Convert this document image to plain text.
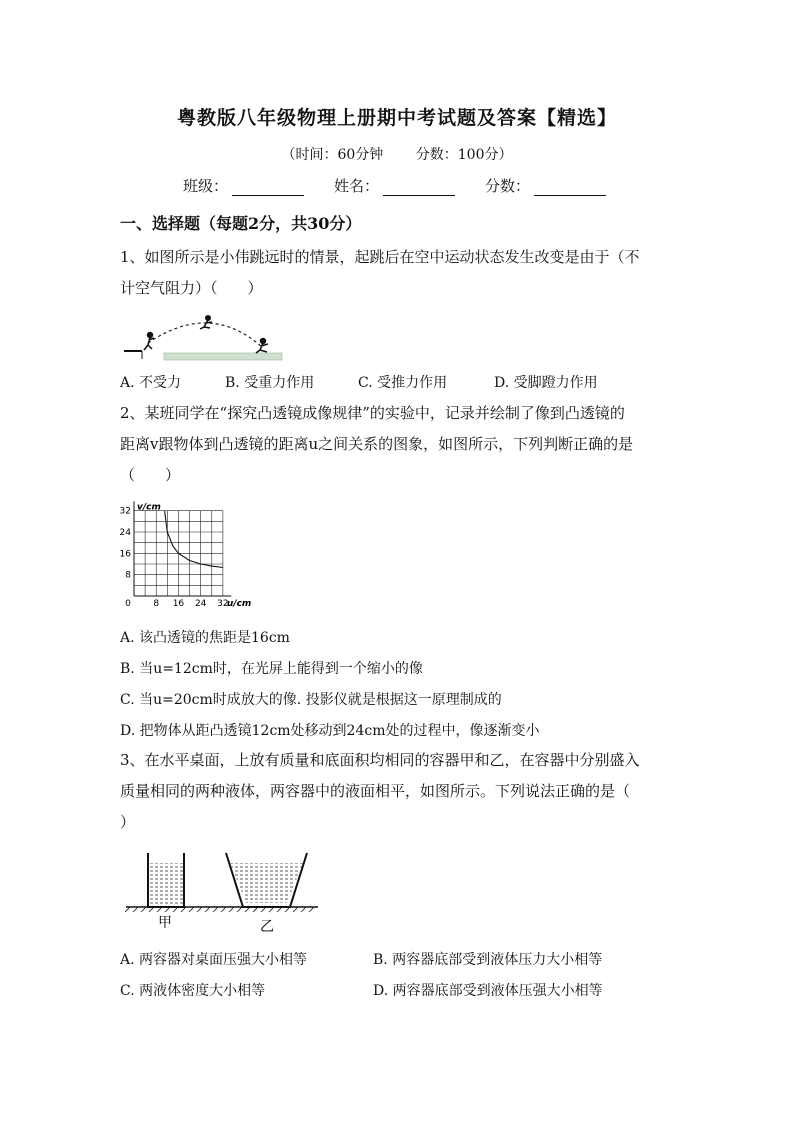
粤教版八年级物理上册期中考试题及答案【精选】
（时间：60分钟 分数：100分）
班级：	姓名：	分数：
一、选择题（每题2分，共30分）
1、如图所示是小伟跳远时的情景，起跳后在空中运动状态发生改变是由于（不
计空气阻力）（　　）
A. 不受力	B. 受重力作用	C. 受推力作用	D. 受脚蹬力作用
2、某班同学在“探究凸透镜成像规律”的实验中，记录并绘制了像到凸透镜的
距离v跟物体到凸透镜的距离u之间关系的图象，如图所示，下列判断正确的是
（　　）
0 8 16 24 32
8
16
24
32 v/cm
u/cm
A. 该凸透镜的焦距是16cm
B. 当u=12cm时，在光屏上能得到一个缩小的像
C. 当u=20cm时成放大的像. 投影仪就是根据这一原理制成的
D. 把物体从距凸透镜12cm处移动到24cm处的过程中，像逐渐变小
3、在水平桌面，上放有质量和底面积均相同的容器甲和乙，在容器中分别盛入
质量相同的两种液体，两容器中的液面相平，如图所示。下列说法正确的是（
）
甲	乙
A. 两容器对桌面压强大小相等	B. 两容器底部受到液体压力大小相等
C. 两液体密度大小相等	D. 两容器底部受到液体压强大小相等
